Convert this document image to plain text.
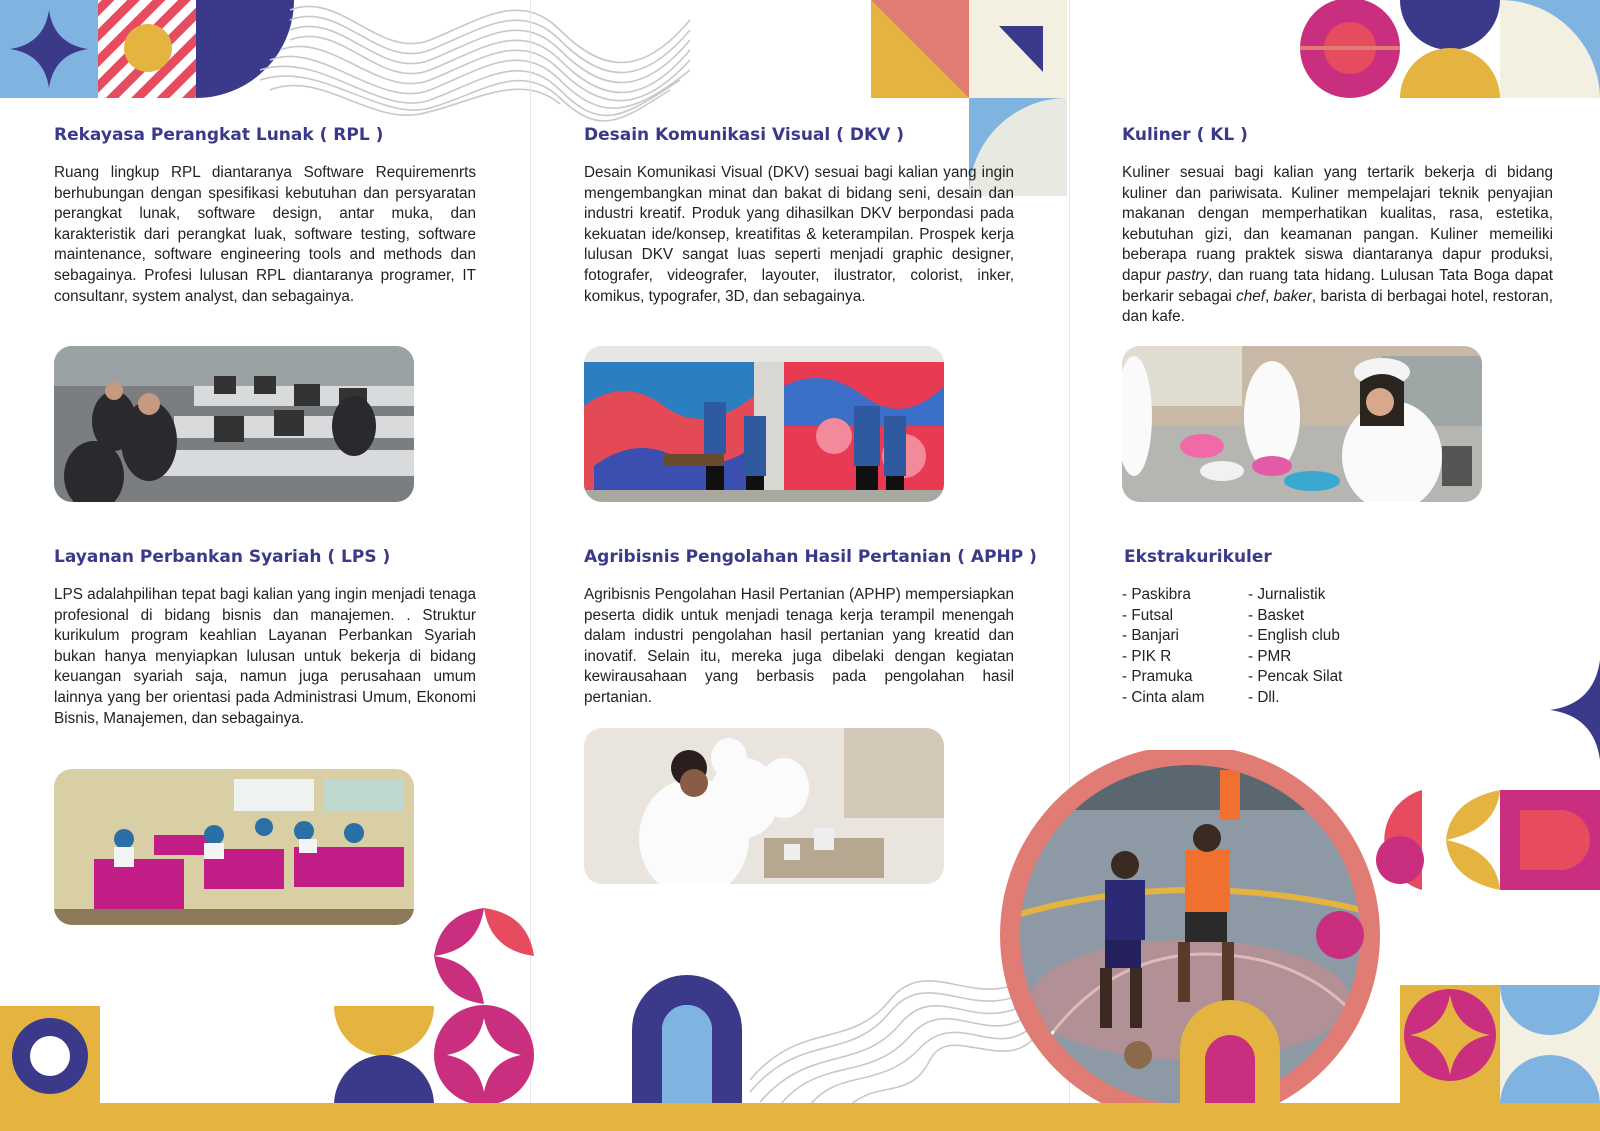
Rekayasa Perangkat Lunak ( RPL )

Ruang lingkup RPL diantaranya Software Requiremenrts berhubungan dengan spesifikasi kebutuhan dan persyaratan perangkat lunak, software design, antar muka, dan karakteristik dari perangkat luak, software testing, software maintenance, software engineering tools and methods dan sebagainya. Profesi lulusan RPL diantaranya programer, IT consultanr, system analyst, dan sebagainya.

Layanan Perbankan Syariah ( LPS )

LPS adalahpilihan tepat bagi kalian yang ingin menjadi tenaga profesional di bidang bisnis dan manajemen. . Struktur kurikulum program keahlian Layanan Perbankan Syariah bukan hanya menyiapkan lulusan untuk bekerja di bidang keuangan syariah saja, namun juga perusahaan umum lainnya yang ber orientasi pada Administrasi Umum, Ekonomi Bisnis, Manajemen, dan sebagainya.

Desain Komunikasi Visual ( DKV )

Desain Komunikasi Visual (DKV) sesuai bagi kalian yang ingin mengembangkan minat dan bakat di bidang seni, desain dan industri kreatif. Produk yang dihasilkan DKV berpondasi pada kekuatan ide/konsep, kreatifitas & keterampilan. Prospek kerja lulusan DKV sangat luas seperti menjadi graphic designer, fotografer, videografer, layouter, ilustrator, colorist, inker, komikus, typografer, 3D, dan sebagainya.

Agribisnis Pengolahan Hasil Pertanian ( APHP )

Agribisnis Pengolahan Hasil Pertanian (APHP) mempersiapkan peserta didik untuk menjadi tenaga kerja terampil menengah dalam industri pengolahan hasil pertanian yang kreatid dan inovatif. Selain itu, mereka juga dibelaki dengan kegiatan kewirausahaan yang berbasis pada pengolahan hasil pertanian.

Kuliner ( KL )

Kuliner sesuai bagi kalian yang tertarik bekerja di bidang kuliner dan pariwisata. Kuliner mempelajari teknik penyajian makanan dengan memperhatikan kualitas, rasa, estetika, kebutuhan gizi, dan keamanan pangan. Kuliner memeiliki beberapa ruang praktek siswa diantaranya dapur produksi, dapur pastry, dan ruang tata hidang. Lulusan Tata Boga dapat berkarir sebagai chef, baker, barista di berbagai hotel, restoran, dan kafe.

Ekstrakurikuler
- Paskibra
- Futsal
- Banjari
- PIK R
- Pramuka
- Cinta alam
- Jurnalistik
- Basket
- English club
- PMR
- Pencak Silat
- Dll.
